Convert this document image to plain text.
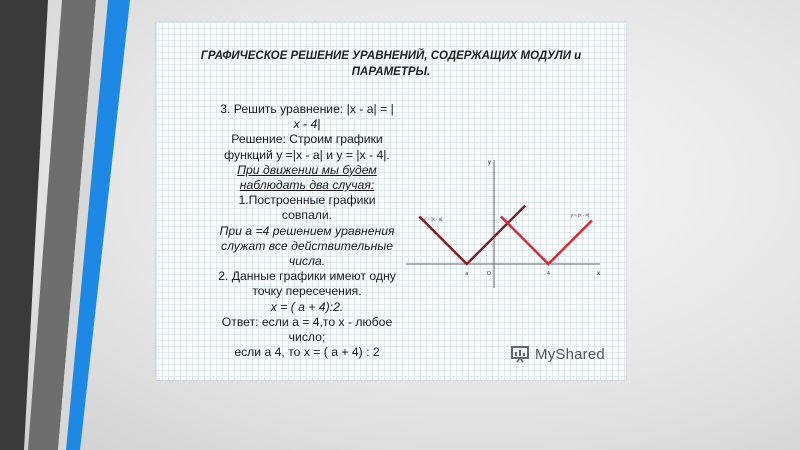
ГРАФИЧЕСКОЕ РЕШЕНИЕ УРАВНЕНИЙ, СОДЕРЖАЩИХ МОДУЛИ и
ПАРАМЕТРЫ.
3. Решить уравнение: |x - a| = |
x - 4|
Решение: Строим графики
функций y =|x - a| и y = |x - 4|.
При движении мы будем
наблюдать два случая:
1.Построенные графики
совпали.
При а =4 решением уравнения
служат все действительные
числа.
2. Данные графики имеют одну
точку пересечения.
x = ( a + 4):2.
Ответ: если а = 4,то х - любое
число;
если а 4, то х = ( а + 4) : 2
x
y
O
a	4
y = |x - a|
y = |x - 4|
MyShared
